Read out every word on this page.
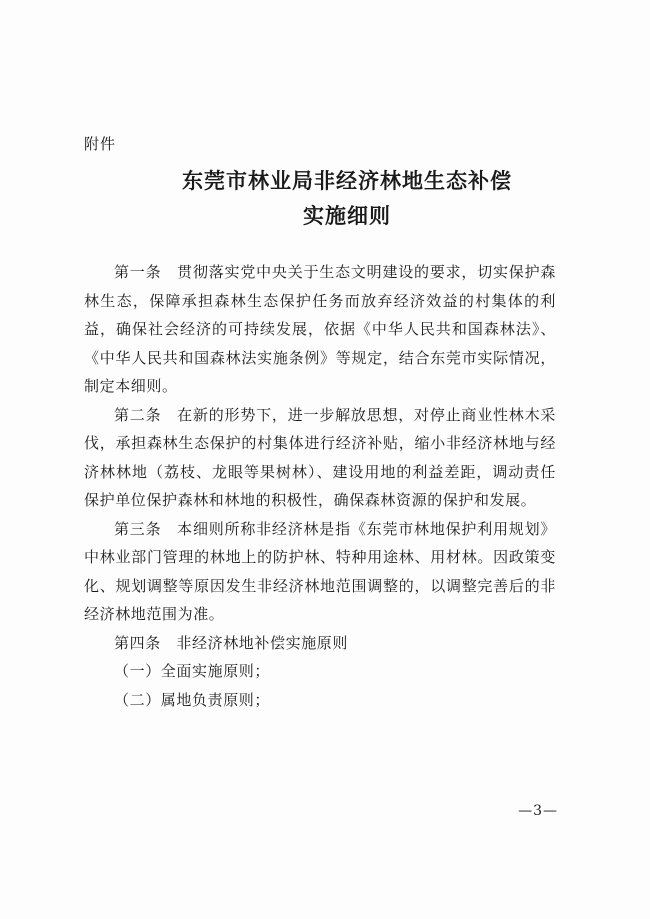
附件
东莞市林业局非经济林地生态补偿
实施细则

第一条　贯彻落实党中央关于生态文明建设的要求，切实保护森林生态，保障承担森林生态保护任务而放弃经济效益的村集体的利益，确保社会经济的可持续发展，依据《中华人民共和国森林法》、《中华人民共和国森林法实施条例》等规定，结合东莞市实际情况，制定本细则。

第二条　在新的形势下，进一步解放思想，对停止商业性林木采伐，承担森林生态保护的村集体进行经济补贴，缩小非经济林地与经济林林地（荔枝、龙眼等果树林）、建设用地的利益差距，调动责任保护单位保护森林和林地的积极性，确保森林资源的保护和发展。

第三条　本细则所称非经济林是指《东莞市林地保护利用规划》中林业部门管理的林地上的防护林、特种用途林、用材林。因政策变化、规划调整等原因发生非经济林地范围调整的，以调整完善后的非经济林地范围为准。

第四条　非经济林地补偿实施原则

（一）全面实施原则；

（二）属地负责原则；

—3—
